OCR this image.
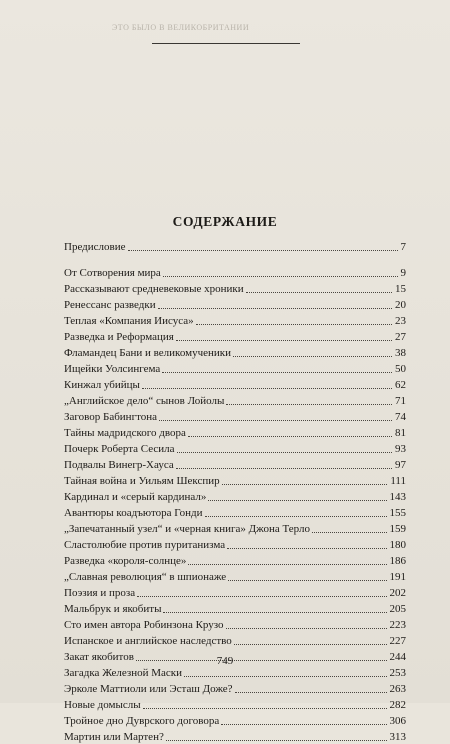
ЭТО БЫЛО В ВЕЛИКОБРИТАНИИ
СОДЕРЖАНИЕ
Предисловие	7
От Сотворения мира	9
Рассказывают средневековые хроники	15
Ренессанс разведки	20
Теплая «Компания Иисуса»	23
Разведка и Реформация	27
Фламандец Бани и великомученики	38
Ищейки Уолсингема	50
Кинжал убийцы	62
„Английское дело“ сынов Лойолы	71
Заговор Бабингтона	74
Тайны мадридского двора	81
Почерк Роберта Сесила	93
Подвалы Винегр-Хауса	97
Тайная война и Уильям Шекспир	111
Кардинал и «серый кардинал»	143
Авантюры коадъютора Гонди	155
„Запечатанный узел“ и «черная книга» Джона Терло	159
Сластолюбие против пуританизма	180
Разведка «короля-солнце»	186
„Славная революция“ в шпионаже	191
Поэзия и проза	202
Мальбрук и якобиты	205
Сто имен автора Робинзона Крузо	223
Испанское и английское наследство	227
Закат якобитов	244
Загадка Железной Маски	253
Эрколе Маттиоли или Эсташ Доже?	263
Новые домыслы	282
Тройное дно Дуврского договора	306
Мартин или Мартен?	313
749
